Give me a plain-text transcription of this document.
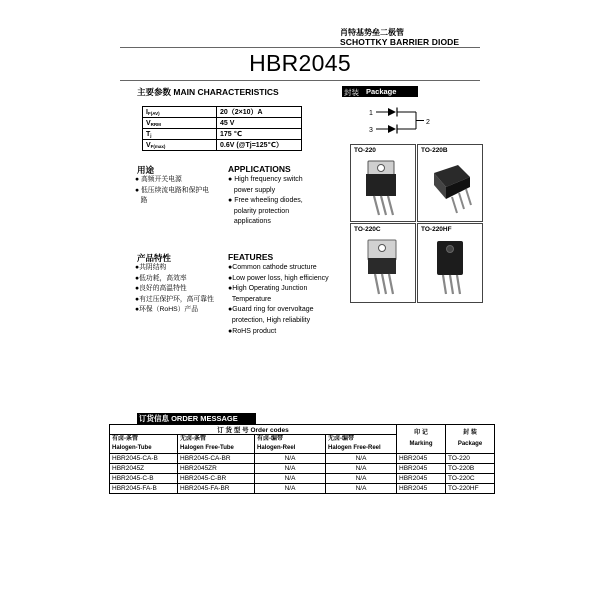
肖特基势垒二极管
SCHOTTKY BARRIER DIODE
HBR2045
主要参数 MAIN CHARACTERISTICS
$I_{F(AV)}$	20（2×10）A
$V_{RRM}$	45 V
$T_j$	175 ℃
$V_{F(max)}$	0.6V (@Tj=125℃）
用途
● 高频开关电源
● 低压续流电路和保护电
路
APPLICATIONS
● High frequency switch
power supply
● Free wheeling diodes,
polarity protection
applications
产品特性
●共阴结构
●低功耗，高效率
●良好的高温特性
●有过压保护环，高可靠性
●环保（RoHS）产品
FEATURES
●Common cathode structure
●Low power loss, high efficiency
●High Operating Junction
Temperature
●Guard ring for overvoltage
protection, High reliability
●RoHS product
封装 Package
1
2
3
TO-220	TO-220B
TO-220C	TO-220HF
订货信息 ORDER MESSAGE
订 货 型 号 Order codes				印 记
Marking	封 装
Package
有卤-条管
Halogen-Tube	无卤-条管
Halogen Free-Tube	有卤-编带
Halogen-Reel	无卤-编带
Halogen Free-Reel		
HBR2045-CA-B	HBR2045-CA-BR	N/A	N/A	HBR2045	TO-220
HBR2045Z	HBR2045ZR	N/A	N/A	HBR2045	TO-220B
HBR2045-C-B	HBR2045-C-BR	N/A	N/A	HBR2045	TO-220C
HBR2045-FA-B	HBR2045-FA-BR	N/A	N/A	HBR2045	TO-220HF
